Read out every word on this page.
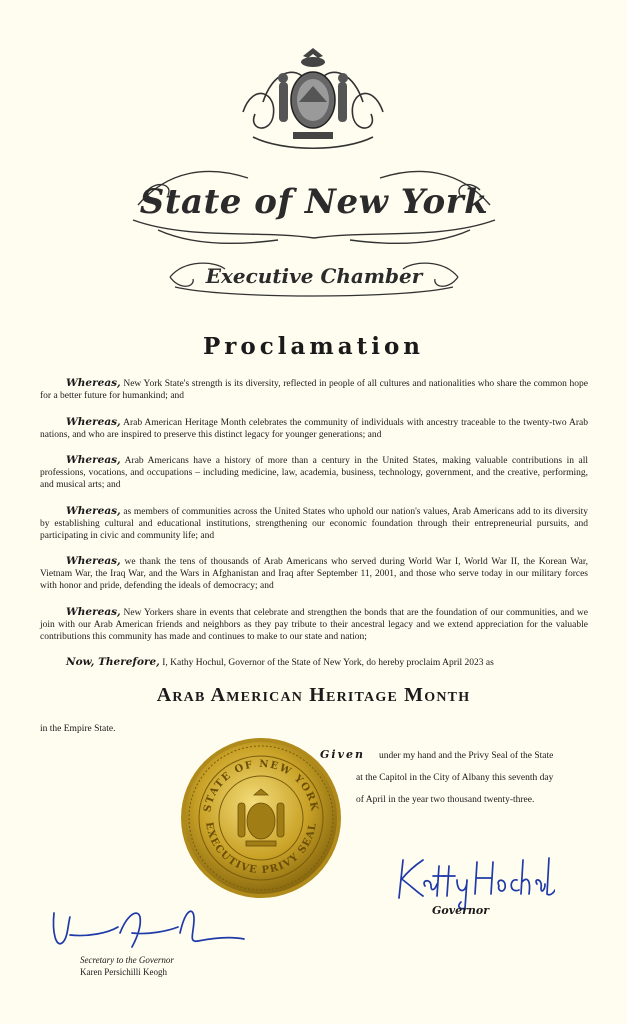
State of New York
Executive Chamber
Proclamation

Whereas, New York State's strength is its diversity, reflected in people of all cultures and nationalities who share the common hope for a better future for humankind; and

Whereas, Arab American Heritage Month celebrates the community of individuals with ancestry traceable to the twenty-two Arab nations, and who are inspired to preserve this distinct legacy for younger generations; and

Whereas, Arab Americans have a history of more than a century in the United States, making valuable contributions in all professions, vocations, and occupations – including medicine, law, academia, business, technology, government, and the creative, performing, and musical arts; and

Whereas, as members of communities across the United States who uphold our nation's values, Arab Americans add to its diversity by establishing cultural and educational institutions, strengthening our economic foundation through their entrepreneurial pursuits, and participating in civic and community life; and

Whereas, we thank the tens of thousands of Arab Americans who served during World War I, World War II, the Korean War, Vietnam War, the Iraq War, and the Wars in Afghanistan and Iraq after September 11, 2001, and those who serve today in our military forces with honor and pride, defending the ideals of democracy; and

Whereas, New Yorkers share in events that celebrate and strengthen the bonds that are the foundation of our communities, and we join with our Arab American friends and neighbors as they pay tribute to their ancestral legacy and we extend appreciation for the valuable contributions this community has made and continues to make to our state and nation;

Now, Therefore, I, Kathy Hochul, Governor of the State of New York, do hereby proclaim April 2023 as

Arab American Heritage Month
in the Empire State.
STATE OF NEW YORK
EXECUTIVE PRIVY SEAL
Given under my hand and the Privy Seal of the State
at the Capitol in the City of Albany this seventh day
of April in the year two thousand twenty-three.
Governor
Secretary to the Governor
Karen Persichilli Keogh
